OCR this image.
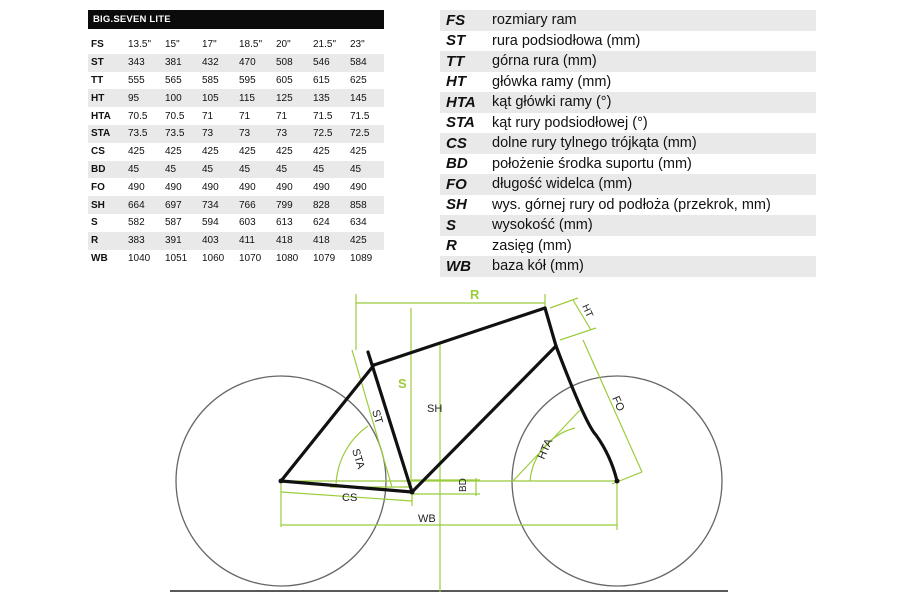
BIG.SEVEN LITE

FS	13.5"	15"	17"	18.5"	20"	21.5"	23"
ST	343	381	432	470	508	546	584
TT	555	565	585	595	605	615	625
HT	95	100	105	115	125	135	145
HTA	70.5	70.5	71	71	71	71.5	71.5
STA	73.5	73.5	73	73	73	72.5	72.5
CS	425	425	425	425	425	425	425
BD	45	45	45	45	45	45	45
FO	490	490	490	490	490	490	490
SH	664	697	734	766	799	828	858
S	582	587	594	603	613	624	634
R	383	391	403	411	418	418	425
WB	1040	1051	1060	1070	1080	1079	1089
FS	rozmiary ram
ST	rura podsiodłowa (mm)
TT	górna rura (mm)
HT	główka ramy (mm)
HTA	kąt główki ramy (°)
STA	kąt rury podsiodłowej (°)
CS	dolne rury tylnego trójkąta (mm)
BD	położenie środka suportu (mm)
FO	długość widelca (mm)
SH	wys. górnej rury od podłoża (przekrok, mm)
S	wysokość (mm)
R	zasięg (mm)
WB	baza kół (mm)
R
S
SH
ST
STA
CS
BD
WB
HT
FO
HTA
